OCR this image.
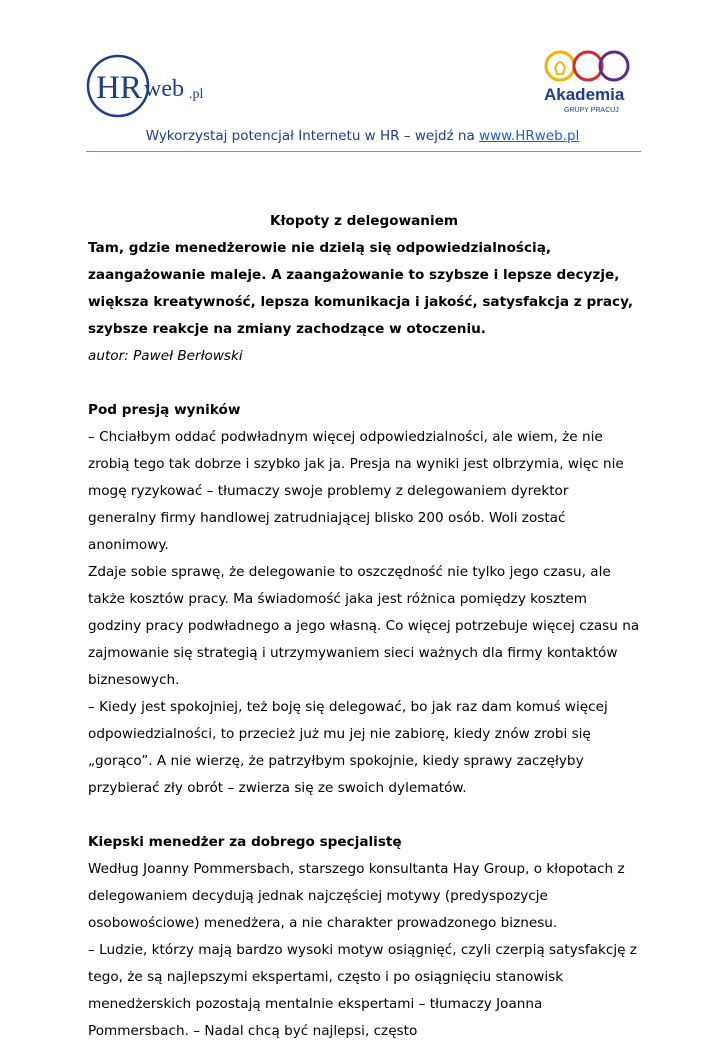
HR web .pl	Akademia
GRUPY PRACUJ
Wykorzystaj potencjał Internetu w HR – wejdź na www.HRweb.pl

Kłopoty z delegowaniem

Tam, gdzie menedżerowie nie dzielą się odpowiedzialnością, zaangażowanie maleje. A zaangażowanie to szybsze i lepsze decyzje, większa kreatywność, lepsza komunikacja i jakość, satysfakcja z pracy, szybsze reakcje na zmiany zachodzące w otoczeniu.

autor: Paweł Berłowski

Pod presją wyników

– Chciałbym oddać podwładnym więcej odpowiedzialności, ale wiem, że nie zrobią tego tak dobrze i szybko jak ja. Presja na wyniki jest olbrzymia, więc nie mogę ryzykować – tłumaczy swoje problemy z delegowaniem dyrektor generalny firmy handlowej zatrudniającej blisko 200 osób. Woli zostać anonimowy.

Zdaje sobie sprawę, że delegowanie to oszczędność nie tylko jego czasu, ale także kosztów pracy. Ma świadomość jaka jest różnica pomiędzy kosztem godziny pracy podwładnego a jego własną. Co więcej potrzebuje więcej czasu na zajmowanie się strategią i utrzymywaniem sieci ważnych dla firmy kontaktów biznesowych.

– Kiedy jest spokojniej, też boję się delegować, bo jak raz dam komuś więcej odpowiedzialności, to przecież już mu jej nie zabiorę, kiedy znów zrobi się „gorąco”. A nie wierzę, że patrzyłbym spokojnie, kiedy sprawy zaczęłyby przybierać zły obrót – zwierza się ze swoich dylematów.

Kiepski menedżer za dobrego specjalistę

Według Joanny Pommersbach, starszego konsultanta Hay Group, o kłopotach z delegowaniem decydują jednak najczęściej motywy (predyspozycje osobowościowe) menedżera, a nie charakter prowadzonego biznesu.

– Ludzie, którzy mają bardzo wysoki motyw osiągnięć, czyli czerpią satysfakcję z tego, że są najlepszymi ekspertami, często i po osiągnięciu stanowisk menedżerskich pozostają mentalnie ekspertami – tłumaczy Joanna Pommersbach. – Nadal chcą być najlepsi, często
